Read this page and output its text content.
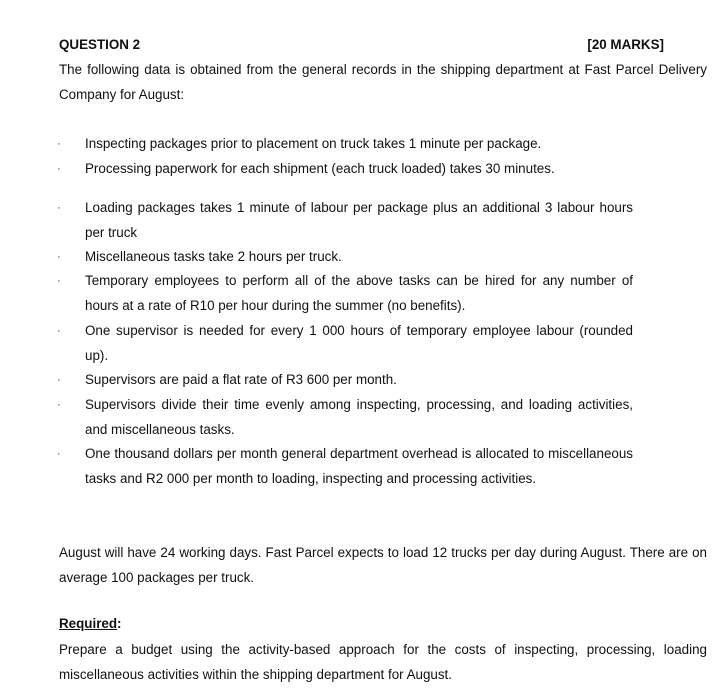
QUESTION 2	[20 MARKS]
The following data is obtained from the general records in the shipping department at Fast Parcel Delivery Company for August:
·	Inspecting packages prior to placement on truck takes 1 minute per package.
·	Processing paperwork for each shipment (each truck loaded) takes 30 minutes.
·	Loading packages takes 1 minute of labour per package plus an additional 3 labour hours per truck
·	Miscellaneous tasks take 2 hours per truck.
·	Temporary employees to perform all of the above tasks can be hired for any number of hours at a rate of R10 per hour during the summer (no benefits).
·	One supervisor is needed for every 1 000 hours of temporary employee labour (rounded up).
·	Supervisors are paid a flat rate of R3 600 per month.
·	Supervisors divide their time evenly among inspecting, processing, and loading activities, and miscellaneous tasks.
·	One thousand dollars per month general department overhead is allocated to miscellaneous tasks and R2 000 per month to loading, inspecting and processing activities.
August will have 24 working days. Fast Parcel expects to load 12 trucks per day during August. There are on average 100 packages per truck.
Required:
Prepare a budget using the activity-based approach for the costs of inspecting, processing, loading miscellaneous activities within the shipping department for August.
